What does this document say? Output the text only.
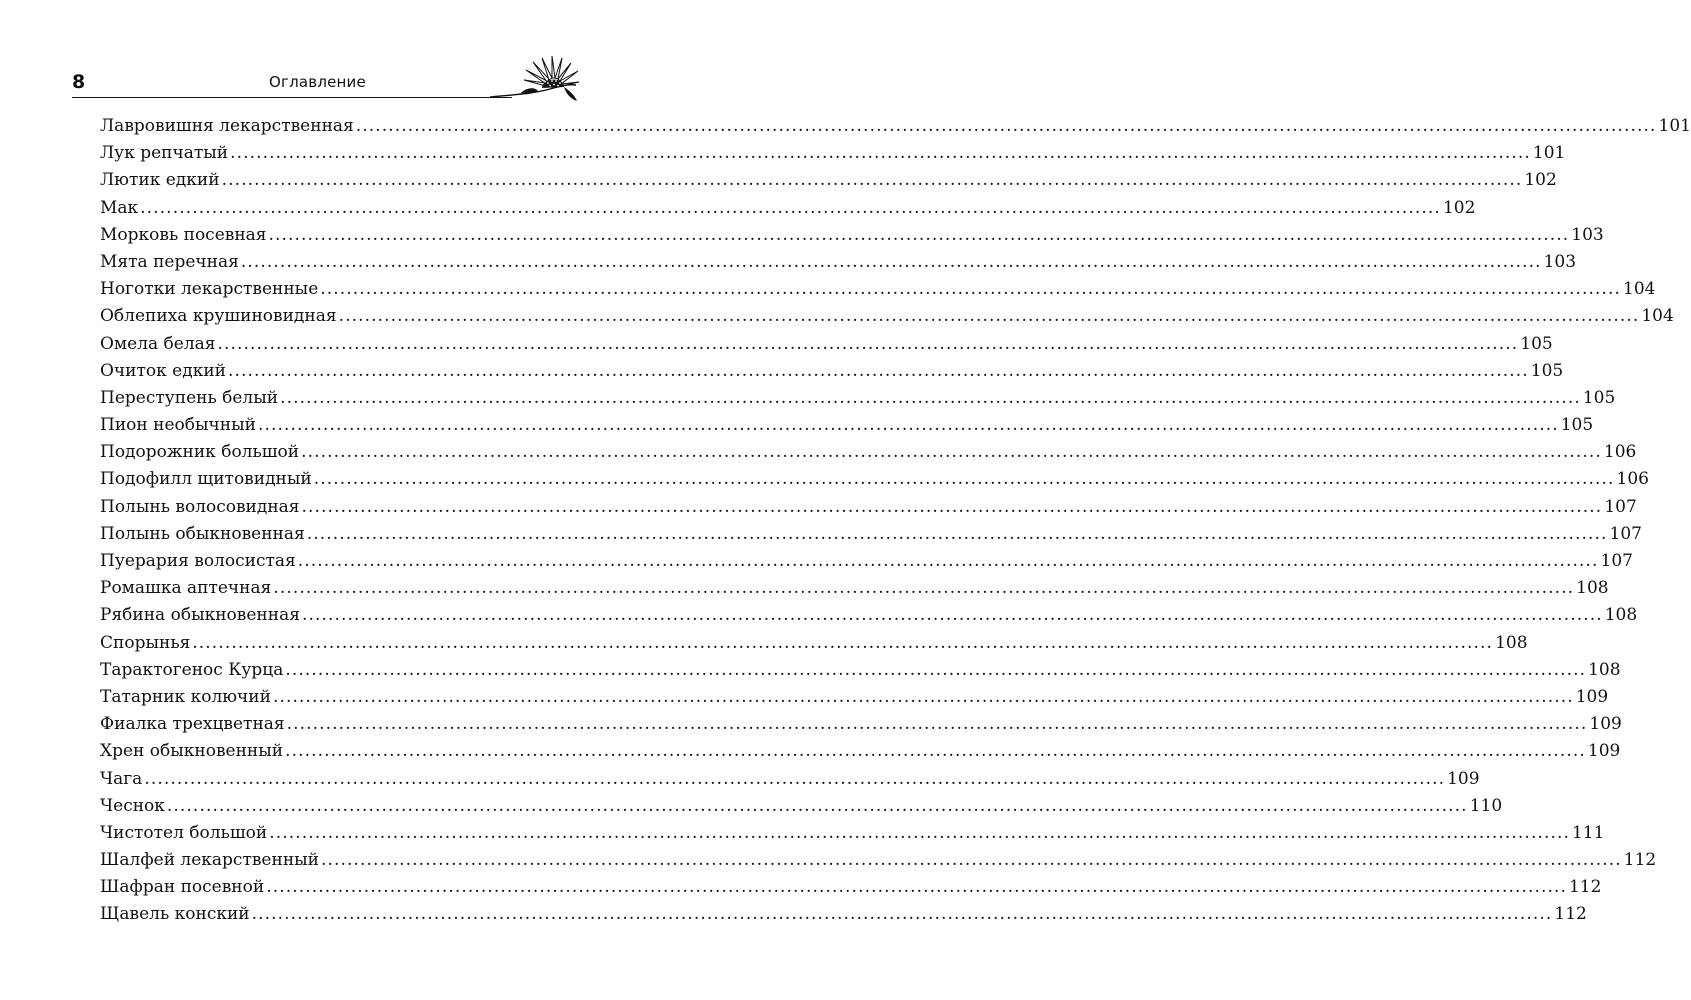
8	Оглавление
Лавровишня лекарственная ........................................................................................................................................................................................................ 101
Лук репчатый ........................................................................................................................................................................................................ 101
Лютик едкий ........................................................................................................................................................................................................ 102
Мак ........................................................................................................................................................................................................ 102
Морковь посевная ........................................................................................................................................................................................................ 103
Мята перечная ........................................................................................................................................................................................................ 103
Ноготки лекарственные ........................................................................................................................................................................................................ 104
Облепиха крушиновидная ........................................................................................................................................................................................................ 104
Омела белая ........................................................................................................................................................................................................ 105
Очиток едкий ........................................................................................................................................................................................................ 105
Переступень белый ........................................................................................................................................................................................................ 105
Пион необычный ........................................................................................................................................................................................................ 105
Подорожник большой ........................................................................................................................................................................................................ 106
Подофилл щитовидный ........................................................................................................................................................................................................ 106
Полынь волосовидная ........................................................................................................................................................................................................ 107
Полынь обыкновенная ........................................................................................................................................................................................................ 107
Пуерария волосистая ........................................................................................................................................................................................................ 107
Ромашка аптечная ........................................................................................................................................................................................................ 108
Рябина обыкновенная ........................................................................................................................................................................................................ 108
Спорынья ........................................................................................................................................................................................................ 108
Тарактогенос Курца ........................................................................................................................................................................................................ 108
Татарник колючий ........................................................................................................................................................................................................ 109
Фиалка трехцветная ........................................................................................................................................................................................................ 109
Хрен обыкновенный ........................................................................................................................................................................................................ 109
Чага ........................................................................................................................................................................................................ 109
Чеснок ........................................................................................................................................................................................................ 110
Чистотел большой ........................................................................................................................................................................................................ 111
Шалфей лекарственный ........................................................................................................................................................................................................ 112
Шафран посевной ........................................................................................................................................................................................................ 112
Щавель конский ........................................................................................................................................................................................................ 112
